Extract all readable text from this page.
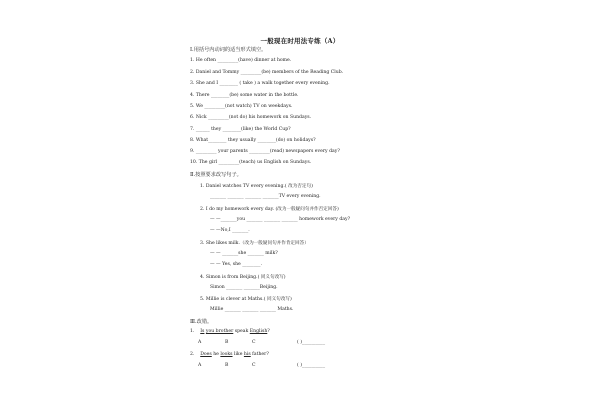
一般现在时用法专练（A）
Ⅰ.用括号内动词的适当形式填空。
1. He often _________(have) dinner at home.
2. Daniel and Tommy _________(be) members of the Reading Club.
3. She and I ________ ( take ) a walk together every evening.
4. There ________(be) some water in the bottle.
5. We _________(not watch) TV on weekdays.
6. Nick _________(not do) his homework on Sundays.
7. ______ they ________(like) the World Cup?
8. What________ they usually ________(do) on holidays?
9. _________ your parents _________(read) newspapers every day?
10. The girl _________(teach) us English on Sundays.
Ⅱ.按照要求改写句子。
1. Daniel watches TV every evening.( 改为否定句)
_______ _______ _______ _______TV every evening.
2. I do my homework every day. (改为一般疑问句并作否定回答)
— —_______you _______ _______ _______ homework every day?
— —No,I _______.
3. She likes milk.（改为一般疑问句并作肯定回答）
— — _______she _______ milk?
— — Yes, she ________.
4. Simon is from Beijing.( 同义句改写)
Simon _______ _______Beijing.
5. Millie is clever at Maths.( 同义句改写)
Millie _______ _______ _______ Maths.
Ⅲ.改错。
1. Is you brother speak English?
A	B	C	( )__________
2. Does he looks like his father?
A	B	C	( )__________
